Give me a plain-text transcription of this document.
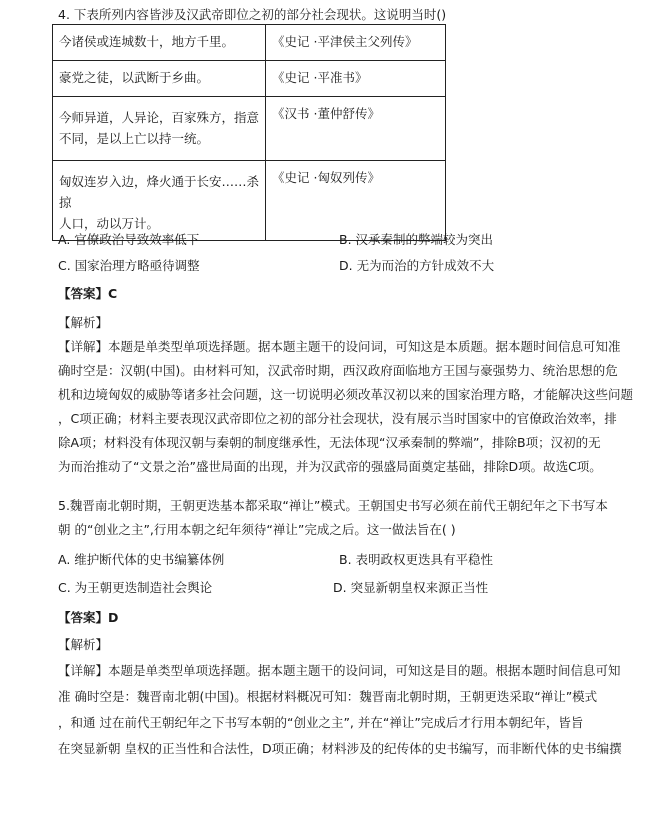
4. 下表所列内容皆涉及汉武帝即位之初的部分社会现状。这说明当时()
今诸侯或连城数十，地方千里。	《史记 ·平津侯主父列传》
豪党之徒，以武断于乡曲。	《史记 ·平准书》
今师异道，人异论，百家殊方，指意
不同，是以上亡以持一统。	《汉书 ·董仲舒传》
匈奴连岁入边，烽火通于长安……杀掠
人口，动以万计。	《史记 ·匈奴列传》
A. 官僚政治导致效率低下	B. 汉承秦制的弊端较为突出
C. 国家治理方略亟待调整	D. 无为而治的方针成效不大
【答案】C
【解析】
【详解】本题是单类型单项选择题。据本题主题干的设问词，可知这是本质题。据本题时间信息可知准
确时空是：汉朝(中国)。由材料可知，汉武帝时期，西汉政府面临地方王国与豪强势力、统治思想的危
机和边境匈奴的威胁等诸多社会问题，这一切说明必须改革汉初以来的国家治理方略，才能解决这些问题
，C项正确；材料主要表现汉武帝即位之初的部分社会现状，没有展示当时国家中的官僚政治效率，排
除A项；材料没有体现汉朝与秦朝的制度继承性，无法体现“汉承秦制的弊端”，排除B项；汉初的无
为而治推动了“文景之治”盛世局面的出现，并为汉武帝的强盛局面奠定基础，排除D项。故选C项。
5.魏晋南北朝时期，王朝更迭基本都采取“禅让”模式。王朝国史书写必须在前代王朝纪年之下书写本
朝 的“创业之主”,行用本朝之纪年须待“禅让”完成之后。这一做法旨在( )
A. 维护断代体的史书编纂体例	B. 表明政权更迭具有平稳性
C. 为王朝更迭制造社会舆论	D. 突显新朝皇权来源正当性
【答案】D
【解析】
【详解】本题是单类型单项选择题。据本题主题干的设问词，可知这是目的题。根据本题时间信息可知
准 确时空是：魏晋南北朝(中国)。根据材料概况可知：魏晋南北朝时期，王朝更迭采取“禅让”模式
，和通 过在前代王朝纪年之下书写本朝的“创业之主”, 并在“禅让”完成后才行用本朝纪年，皆旨
在突显新朝 皇权的正当性和合法性，D项正确；材料涉及的纪传体的史书编写，而非断代体的史书编撰
